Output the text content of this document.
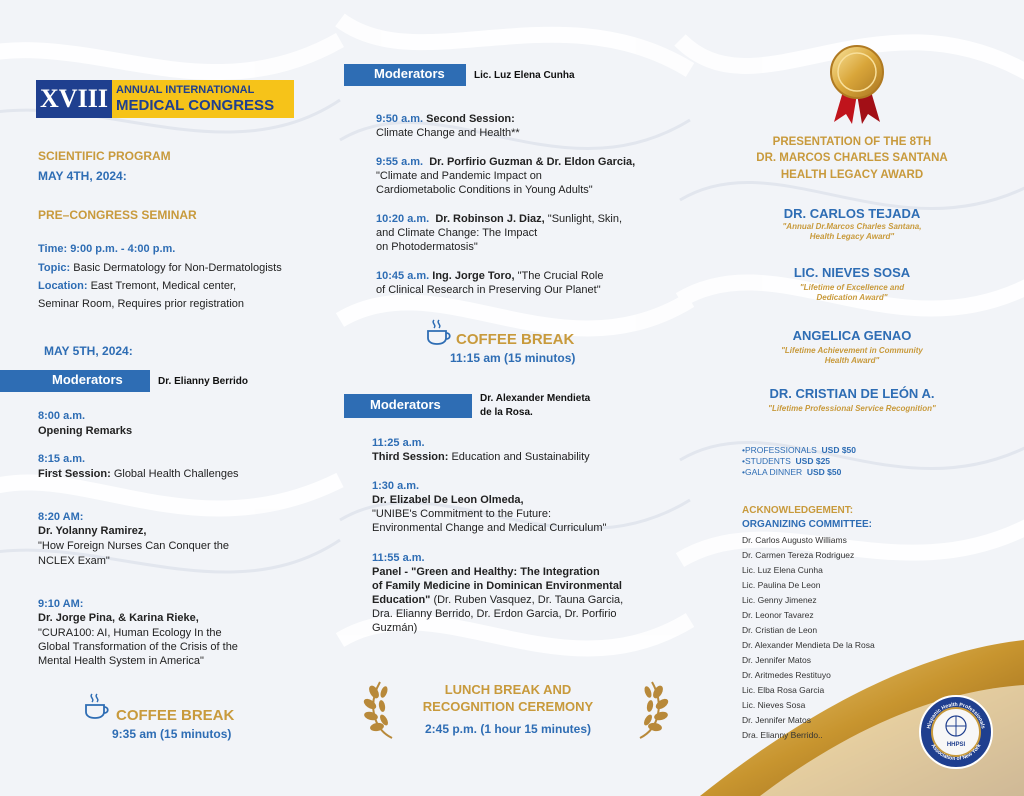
XVIII ANNUAL INTERNATIONAL
MEDICAL CONGRESS
SCIENTIFIC PROGRAM
MAY 4TH, 2024:
PRE–CONGRESS SEMINAR
Time: 9:00 p.m. - 4:00 p.m.
Topic: Basic Dermatology for Non-Dermatologists
Location: East Tremont, Medical center,
Seminar Room, Requires prior registration
MAY 5TH, 2024:
Moderators	Dr. Elianny Berrido
8:00 a.m.
Opening Remarks
8:15 a.m.
First Session: Global Health Challenges
8:20 AM:
Dr. Yolanny Ramirez,
"How Foreign Nurses Can Conquer the
NCLEX Exam"
9:10 AM:
Dr. Jorge Pina, & Karina Rieke,
"CURA100: AI, Human Ecology In the
Global Transformation of the Crisis of the
Mental Health System in America"
COFFEE BREAK
9:35 am (15 minutos)
Moderators	Lic. Luz Elena Cunha
9:50 a.m. Second Session:
Climate Change and Health**
9:55 a.m. Dr. Porfirio Guzman & Dr. Eldon Garcia,
"Climate and Pandemic Impact on
Cardiometabolic Conditions in Young Adults"
10:20 a.m. Dr. Robinson J. Diaz, "Sunlight, Skin,
and Climate Change: The Impact
on Photodermatosis"
10:45 a.m. Ing. Jorge Toro, "The Crucial Role
of Clinical Research in Preserving Our Planet"
COFFEE BREAK
11:15 am (15 minutos)
Moderators	Dr. Alexander Mendieta
de la Rosa.
11:25 a.m.
Third Session: Education and Sustainability
1:30 a.m.
Dr. Elizabel De Leon Olmeda,
"UNIBE's Commitment to the Future:
Environmental Change and Medical Curriculum"
11:55 a.m.
Panel - "Green and Healthy: The Integration
of Family Medicine in Dominican Environmental
Education" (Dr. Ruben Vasquez, Dr. Tauna Garcia,
Dra. Elianny Berrido, Dr. Erdon Garcia, Dr. Porfirio
Guzmán)
LUNCH BREAK AND
RECOGNITION CEREMONY
2:45 p.m. (1 hour 15 minutes)
PRESENTATION OF THE 8TH
DR. MARCOS CHARLES SANTANA
HEALTH LEGACY AWARD
DR. CARLOS TEJADA
"Annual Dr.Marcos Charles Santana,
Health Legacy Award"
LIC. NIEVES SOSA
"Lifetime of Excellence and
Dedication Award"
ANGELICA GENAO
"Lifetime Achievement in Community
Health Award"
DR. CRISTIAN DE LEÓN A.
"Lifetime Professional Service Recognition"
•PROFESSIONALS USD $50
•STUDENTS USD $25
•GALA DINNER USD $50
ACKNOWLEDGEMENT:
ORGANIZING COMMITTEE:
Dr. Carlos Augusto Williams
Dr. Carmen Tereza Rodriguez
Lic. Luz Elena Cunha
Lic. Paulina De Leon
Lic. Genny Jimenez
Dr. Leonor Tavarez
Dr. Cristian de Leon
Dr. Alexander Mendieta De la Rosa
Dr. Jennifer Matos
Dr. Aritmedes Restituyo
Lic. Elba Rosa Garcia
Lic. Nieves Sosa
Dr. Jennifer Matos
Dra. Elianny Berrido..
HHPSI
Hispanic Health Professionals
Association of New York
